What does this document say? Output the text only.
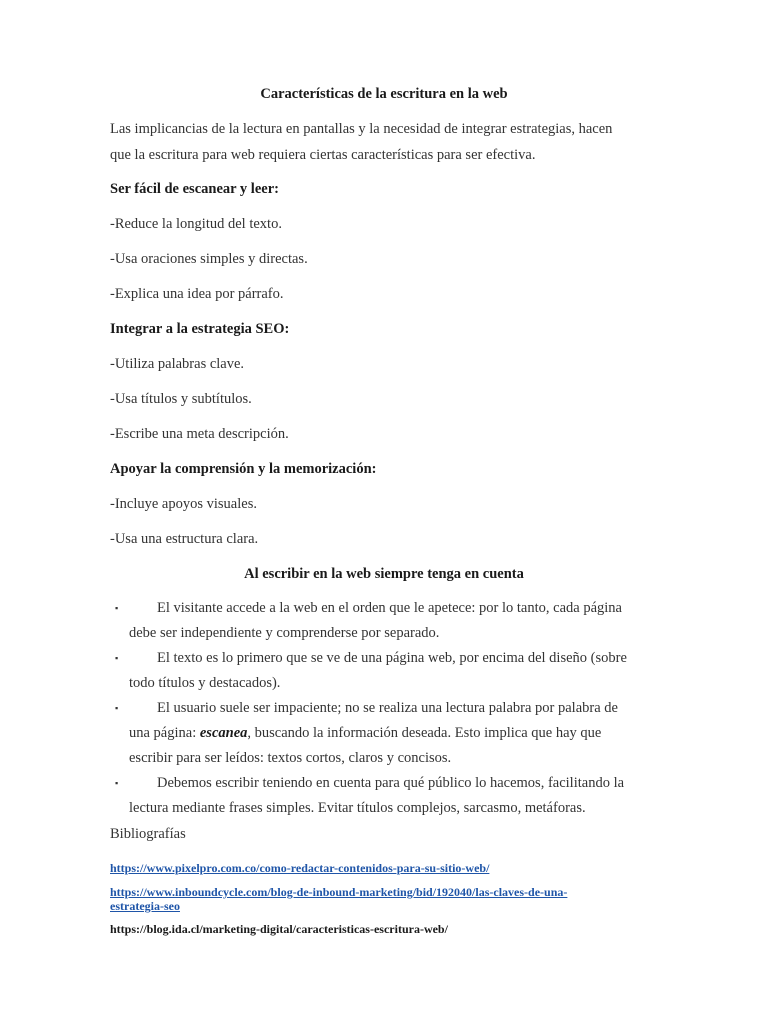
Características de la escritura en la web
Las implicancias de la lectura en pantallas y la necesidad de integrar estrategias, hacen
que la escritura para web requiera ciertas características para ser efectiva.
Ser fácil de escanear y leer:
-Reduce la longitud del texto.
-Usa oraciones simples y directas.
-Explica una idea por párrafo.
Integrar a la estrategia SEO:
-Utiliza palabras clave.
-Usa títulos y subtítulos.
-Escribe una meta descripción.
Apoyar la comprensión y la memorización:
-Incluye apoyos visuales.
-Usa una estructura clara.
Al escribir en la web siempre tenga en cuenta
▪	El visitante accede a la web en el orden que le apetece: por lo tanto, cada página
debe ser independiente y comprenderse por separado.
▪	El texto es lo primero que se ve de una página web, por encima del diseño (sobre
todo títulos y destacados).
▪	El usuario suele ser impaciente; no se realiza una lectura palabra por palabra de
una página: escanea, buscando la información deseada. Esto implica que hay que
escribir para ser leídos: textos cortos, claros y concisos.
▪	Debemos escribir teniendo en cuenta para qué público lo hacemos, facilitando la
lectura mediante frases simples. Evitar títulos complejos, sarcasmo, metáforas.
Bibliografías
https://www.pixelpro.com.co/como-redactar-contenidos-para-su-sitio-web/
https://www.inboundcycle.com/blog-de-inbound-marketing/bid/192040/las-claves-de-una-
estrategia-seo
https://blog.ida.cl/marketing-digital/caracteristicas-escritura-web/
